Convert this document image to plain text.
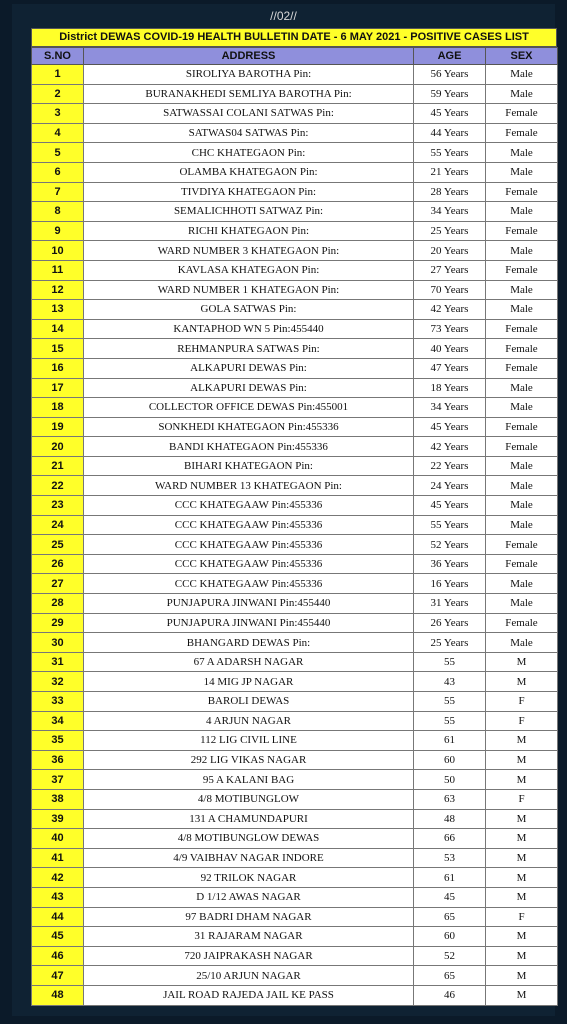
//02//
District DEWAS COVID-19 HEALTH BULLETIN DATE - 6 MAY 2021 - POSITIVE CASES LIST
S.NO	ADDRESS	AGE	SEX
1	SIROLIYA BAROTHA Pin:	56 Years	Male
2	BURANAKHEDI SEMLIYA BAROTHA Pin:	59 Years	Male
3	SATWASSAI COLANI SATWAS Pin:	45 Years	Female
4	SATWAS04 SATWAS Pin:	44 Years	Female
5	CHC KHATEGAON Pin:	55 Years	Male
6	OLAMBA KHATEGAON Pin:	21 Years	Male
7	TIVDIYA KHATEGAON Pin:	28 Years	Female
8	SEMALICHHOTI SATWAZ Pin:	34 Years	Male
9	RICHI KHATEGAON Pin:	25 Years	Female
10	WARD NUMBER 3 KHATEGAON Pin:	20 Years	Male
11	KAVLASA KHATEGAON Pin:	27 Years	Female
12	WARD NUMBER 1 KHATEGAON Pin:	70 Years	Male
13	GOLA SATWAS Pin:	42 Years	Male
14	KANTAPHOD WN 5 Pin:455440	73 Years	Female
15	REHMANPURA SATWAS Pin:	40 Years	Female
16	ALKAPURI DEWAS Pin:	47 Years	Female
17	ALKAPURI DEWAS Pin:	18 Years	Male
18	COLLECTOR OFFICE DEWAS Pin:455001	34 Years	Male
19	SONKHEDI KHATEGAON Pin:455336	45 Years	Female
20	BANDI KHATEGAON Pin:455336	42 Years	Female
21	BIHARI KHATEGAON Pin:	22 Years	Male
22	WARD NUMBER 13 KHATEGAON Pin:	24 Years	Male
23	CCC KHATEGAAW Pin:455336	45 Years	Male
24	CCC KHATEGAAW Pin:455336	55 Years	Male
25	CCC KHATEGAAW Pin:455336	52 Years	Female
26	CCC KHATEGAAW Pin:455336	36 Years	Female
27	CCC KHATEGAAW Pin:455336	16 Years	Male
28	PUNJAPURA JINWANI Pin:455440	31 Years	Male
29	PUNJAPURA JINWANI Pin:455440	26 Years	Female
30	BHANGARD DEWAS Pin:	25 Years	Male
31	67 A ADARSH NAGAR	55	M
32	14 MIG JP NAGAR	43	M
33	BAROLI DEWAS	55	F
34	4 ARJUN NAGAR	55	F
35	112 LIG CIVIL LINE	61	M
36	292 LIG VIKAS NAGAR	60	M
37	95 A KALANI BAG	50	M
38	4/8 MOTIBUNGLOW	63	F
39	131 A CHAMUNDAPURI	48	M
40	4/8 MOTIBUNGLOW DEWAS	66	M
41	4/9 VAIBHAV NAGAR INDORE	53	M
42	92 TRILOK NAGAR	61	M
43	D 1/12 AWAS NAGAR	45	M
44	97 BADRI DHAM NAGAR	65	F
45	31 RAJARAM NAGAR	60	M
46	720 JAIPRAKASH NAGAR	52	M
47	25/10 ARJUN NAGAR	65	M
48	JAIL ROAD RAJEDA JAIL KE PASS	46	M
